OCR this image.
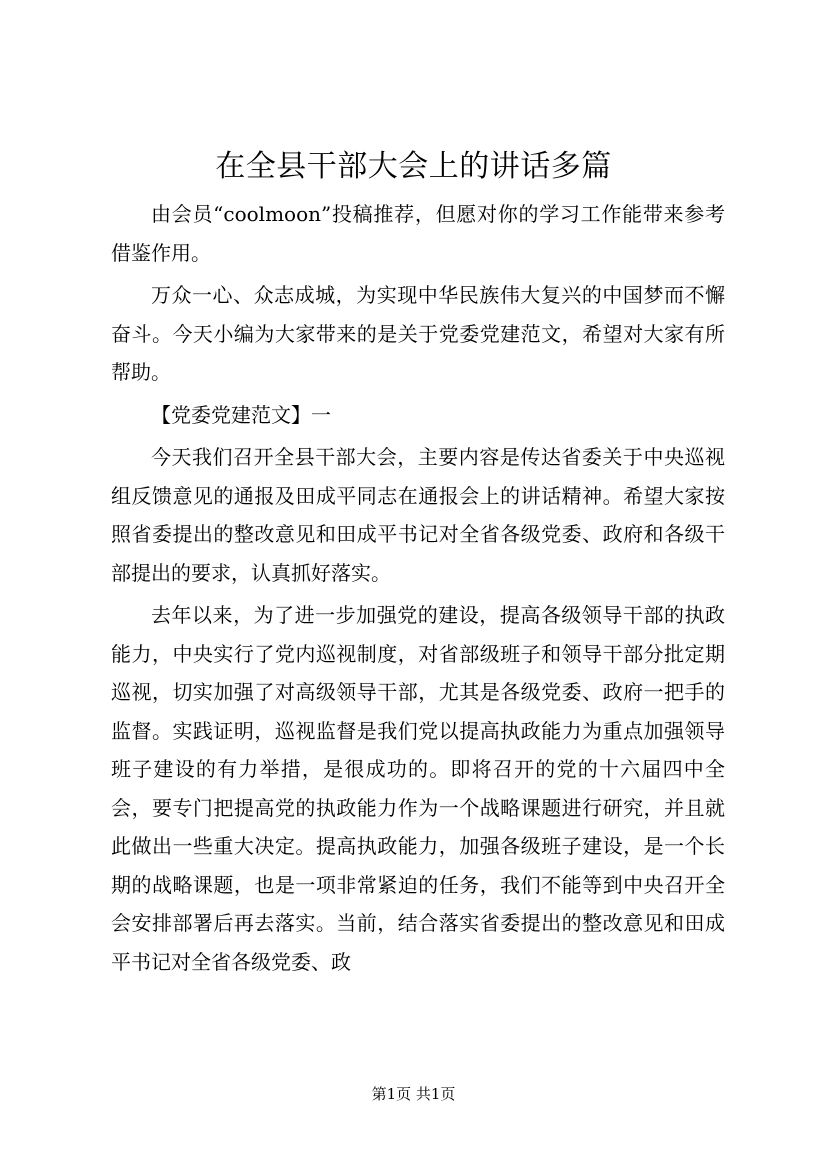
在全县干部大会上的讲话多篇

由会员“coolmoon”投稿推荐，但愿对你的学习工作能带来参考借鉴作用。

万众一心、众志成城，为实现中华民族伟大复兴的中国梦而不懈奋斗。今天小编为大家带来的是关于党委党建范文，希望对大家有所帮助。

【党委党建范文】一

今天我们召开全县干部大会，主要内容是传达省委关于中央巡视组反馈意见的通报及田成平同志在通报会上的讲话精神。希望大家按照省委提出的整改意见和田成平书记对全省各级党委、政府和各级干部提出的要求，认真抓好落实。

去年以来，为了进一步加强党的建设，提高各级领导干部的执政能力，中央实行了党内巡视制度，对省部级班子和领导干部分批定期巡视，切实加强了对高级领导干部，尤其是各级党委、政府一把手的监督。实践证明，巡视监督是我们党以提高执政能力为重点加强领导班子建设的有力举措，是很成功的。即将召开的党的十六届四中全会，要专门把提高党的执政能力作为一个战略课题进行研究，并且就此做出一些重大决定。提高执政能力，加强各级班子建设，是一个长期的战略课题，也是一项非常紧迫的任务，我们不能等到中央召开全会安排部署后再去落实。当前，结合落实省委提出的整改意见和田成平书记对全省各级党委、政

第1页 共1页
